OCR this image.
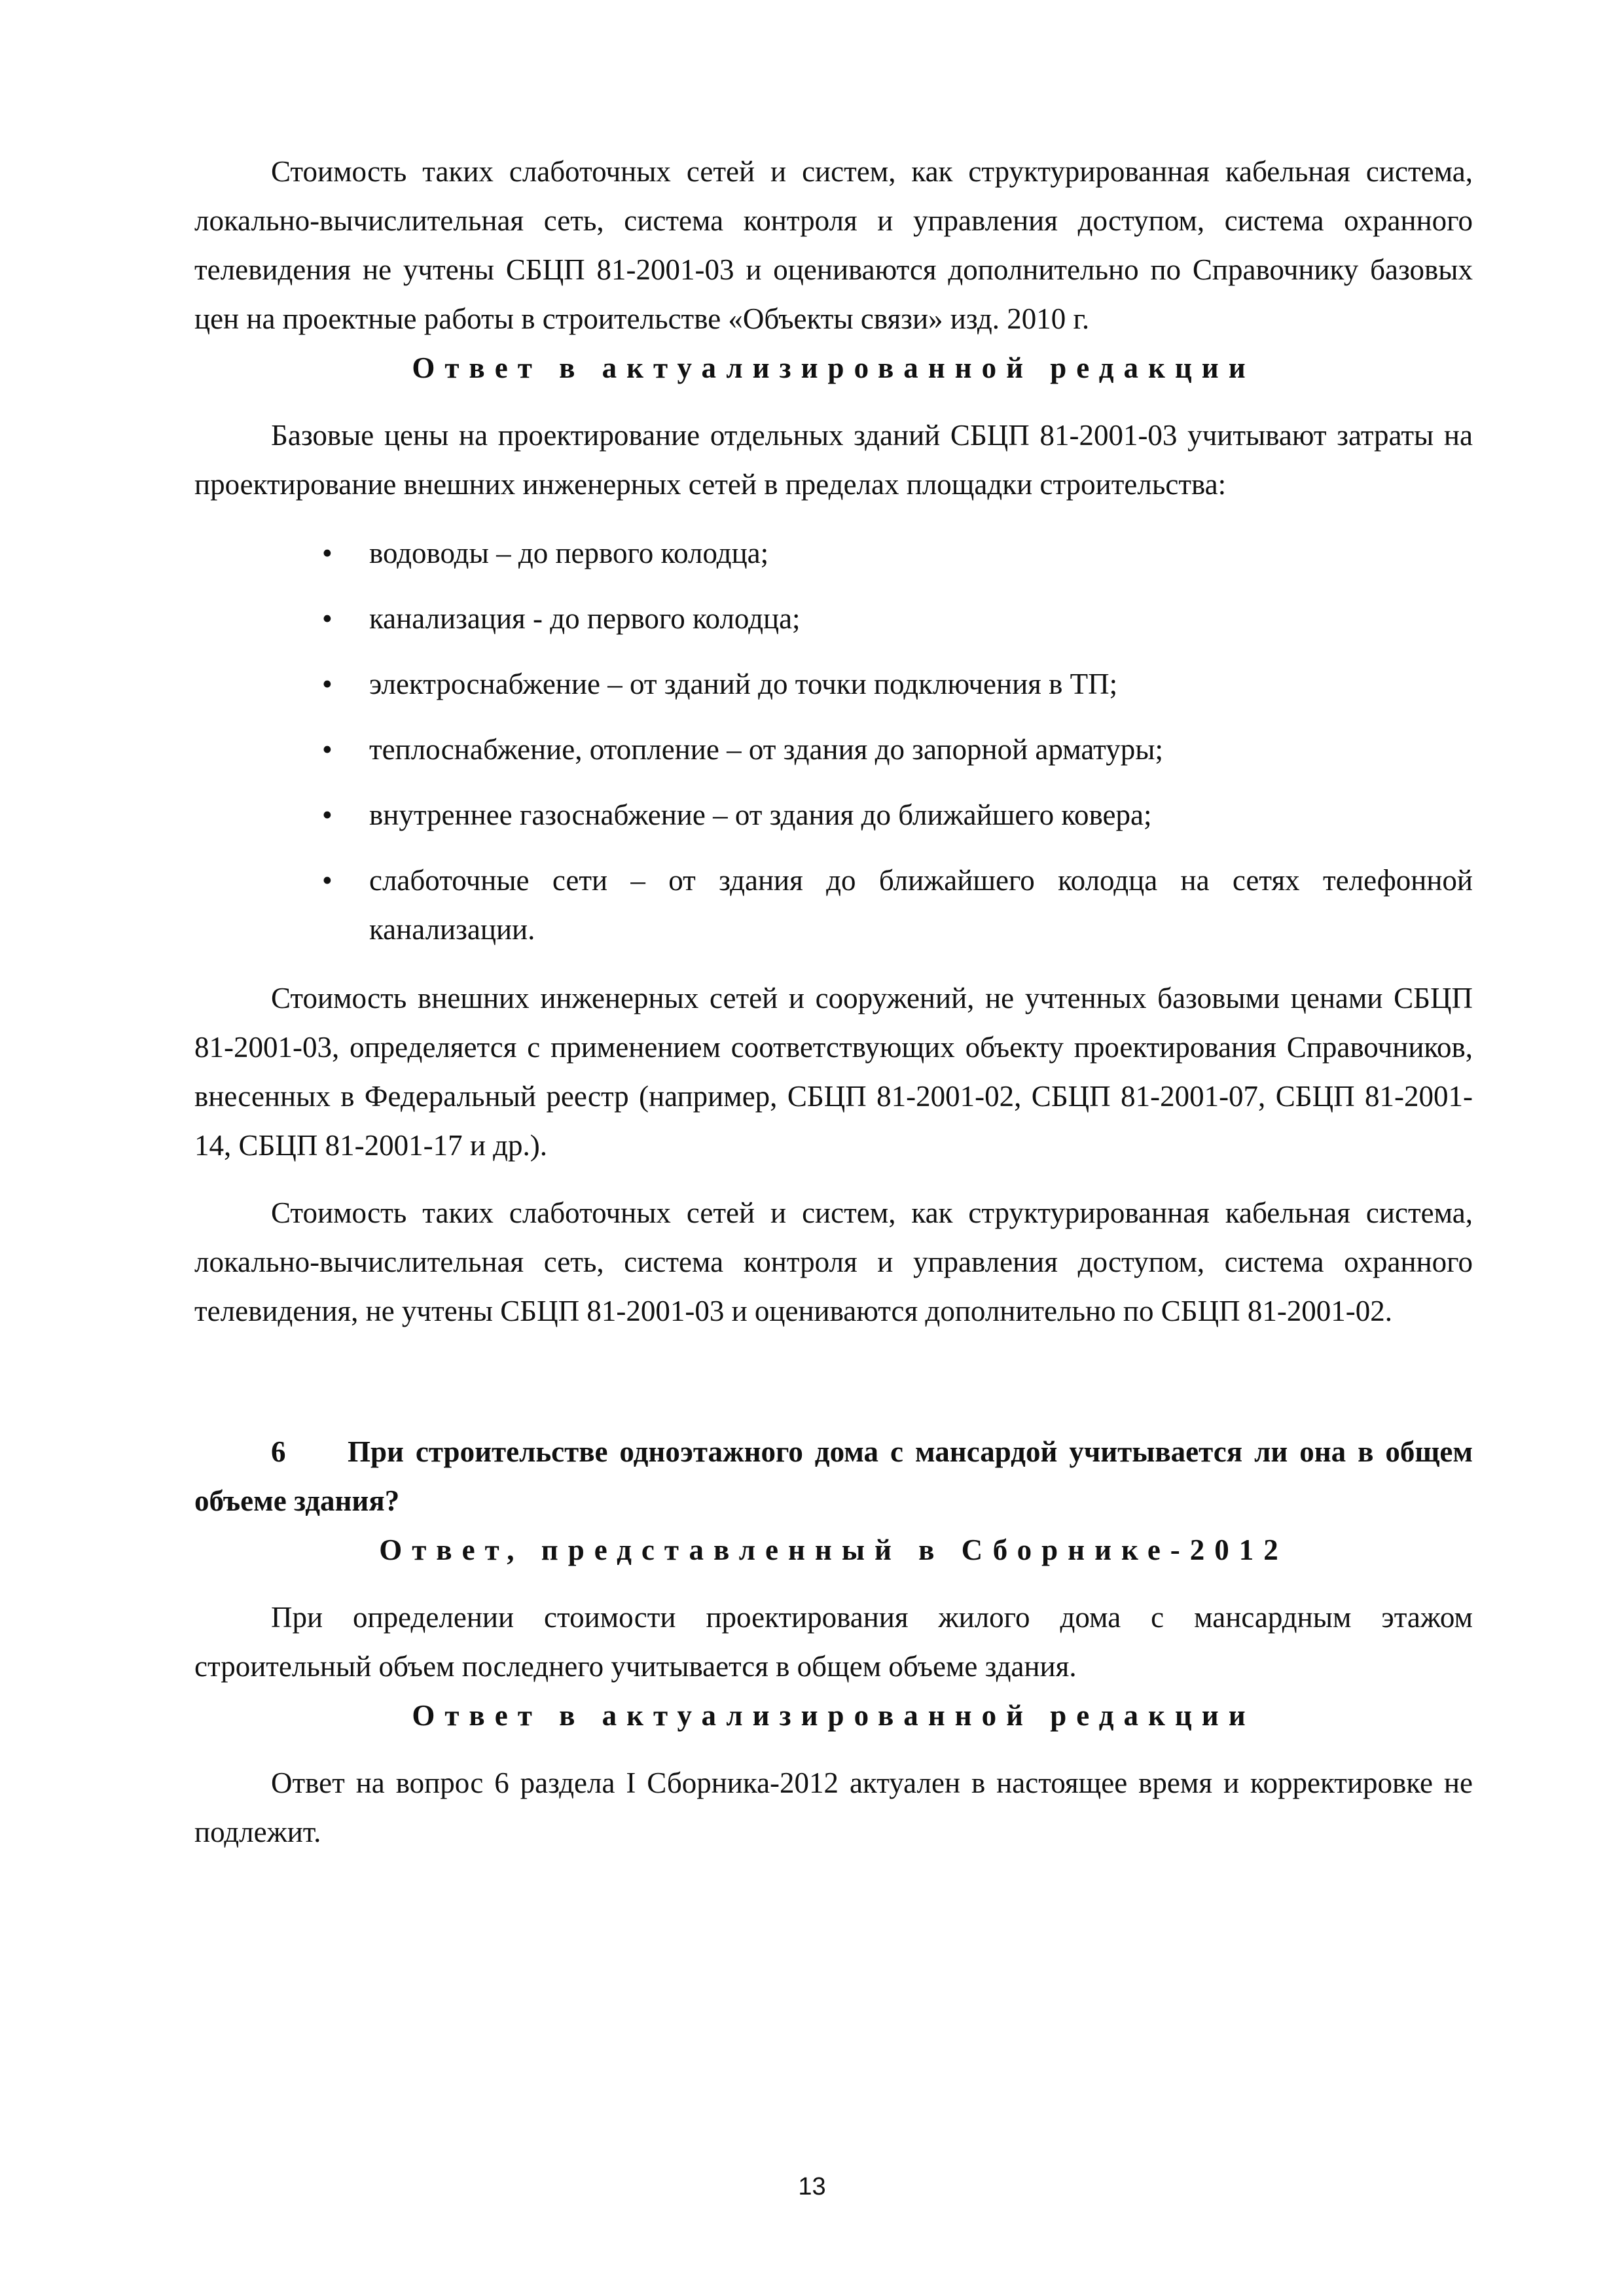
Стоимость таких слаботочных сетей и систем, как структурированная кабельная система, локально-вычислительная сеть, система контроля и управления доступом, система охранного телевидения не учтены СБЦП 81-2001-03 и оцениваются дополнительно по Справочнику базовых цен на проектные работы в строительстве «Объекты связи» изд. 2010 г.

Ответ в актуализированной редакции

Базовые цены на проектирование отдельных зданий СБЦП 81-2001-03 учитывают затраты на проектирование внешних инженерных сетей в пределах площадки строительства:

• водоводы – до первого колодца;
• канализация - до первого колодца;
• электроснабжение – от зданий до точки подключения в ТП;
• теплоснабжение, отопление – от здания до запорной арматуры;
• внутреннее газоснабжение – от здания до ближайшего ковера;
• слаботочные сети – от здания до ближайшего колодца на сетях телефонной канализации.

Стоимость внешних инженерных сетей и сооружений, не учтенных базовыми ценами СБЦП 81-2001-03, определяется с применением соответствующих объекту проектирования Справочников, внесенных в Федеральный реестр (например, СБЦП 81-2001-02, СБЦП 81-2001-07, СБЦП 81-2001-14, СБЦП 81-2001-17 и др.).

Стоимость таких слаботочных сетей и систем, как структурированная кабельная система, локально-вычислительная сеть, система контроля и управления доступом, система охранного телевидения, не учтены СБЦП 81-2001-03 и оцениваются дополнительно по СБЦП 81-2001-02.

6 При строительстве одноэтажного дома с мансардой учитывается ли она в общем объеме здания?
Ответ, представленный в Сборнике-2012

При определении стоимости проектирования жилого дома с мансардным этажом строительный объем последнего учитывается в общем объеме здания.

Ответ в актуализированной редакции

Ответ на вопрос 6 раздела I Сборника-2012 актуален в настоящее время и корректировке не подлежит.

13
